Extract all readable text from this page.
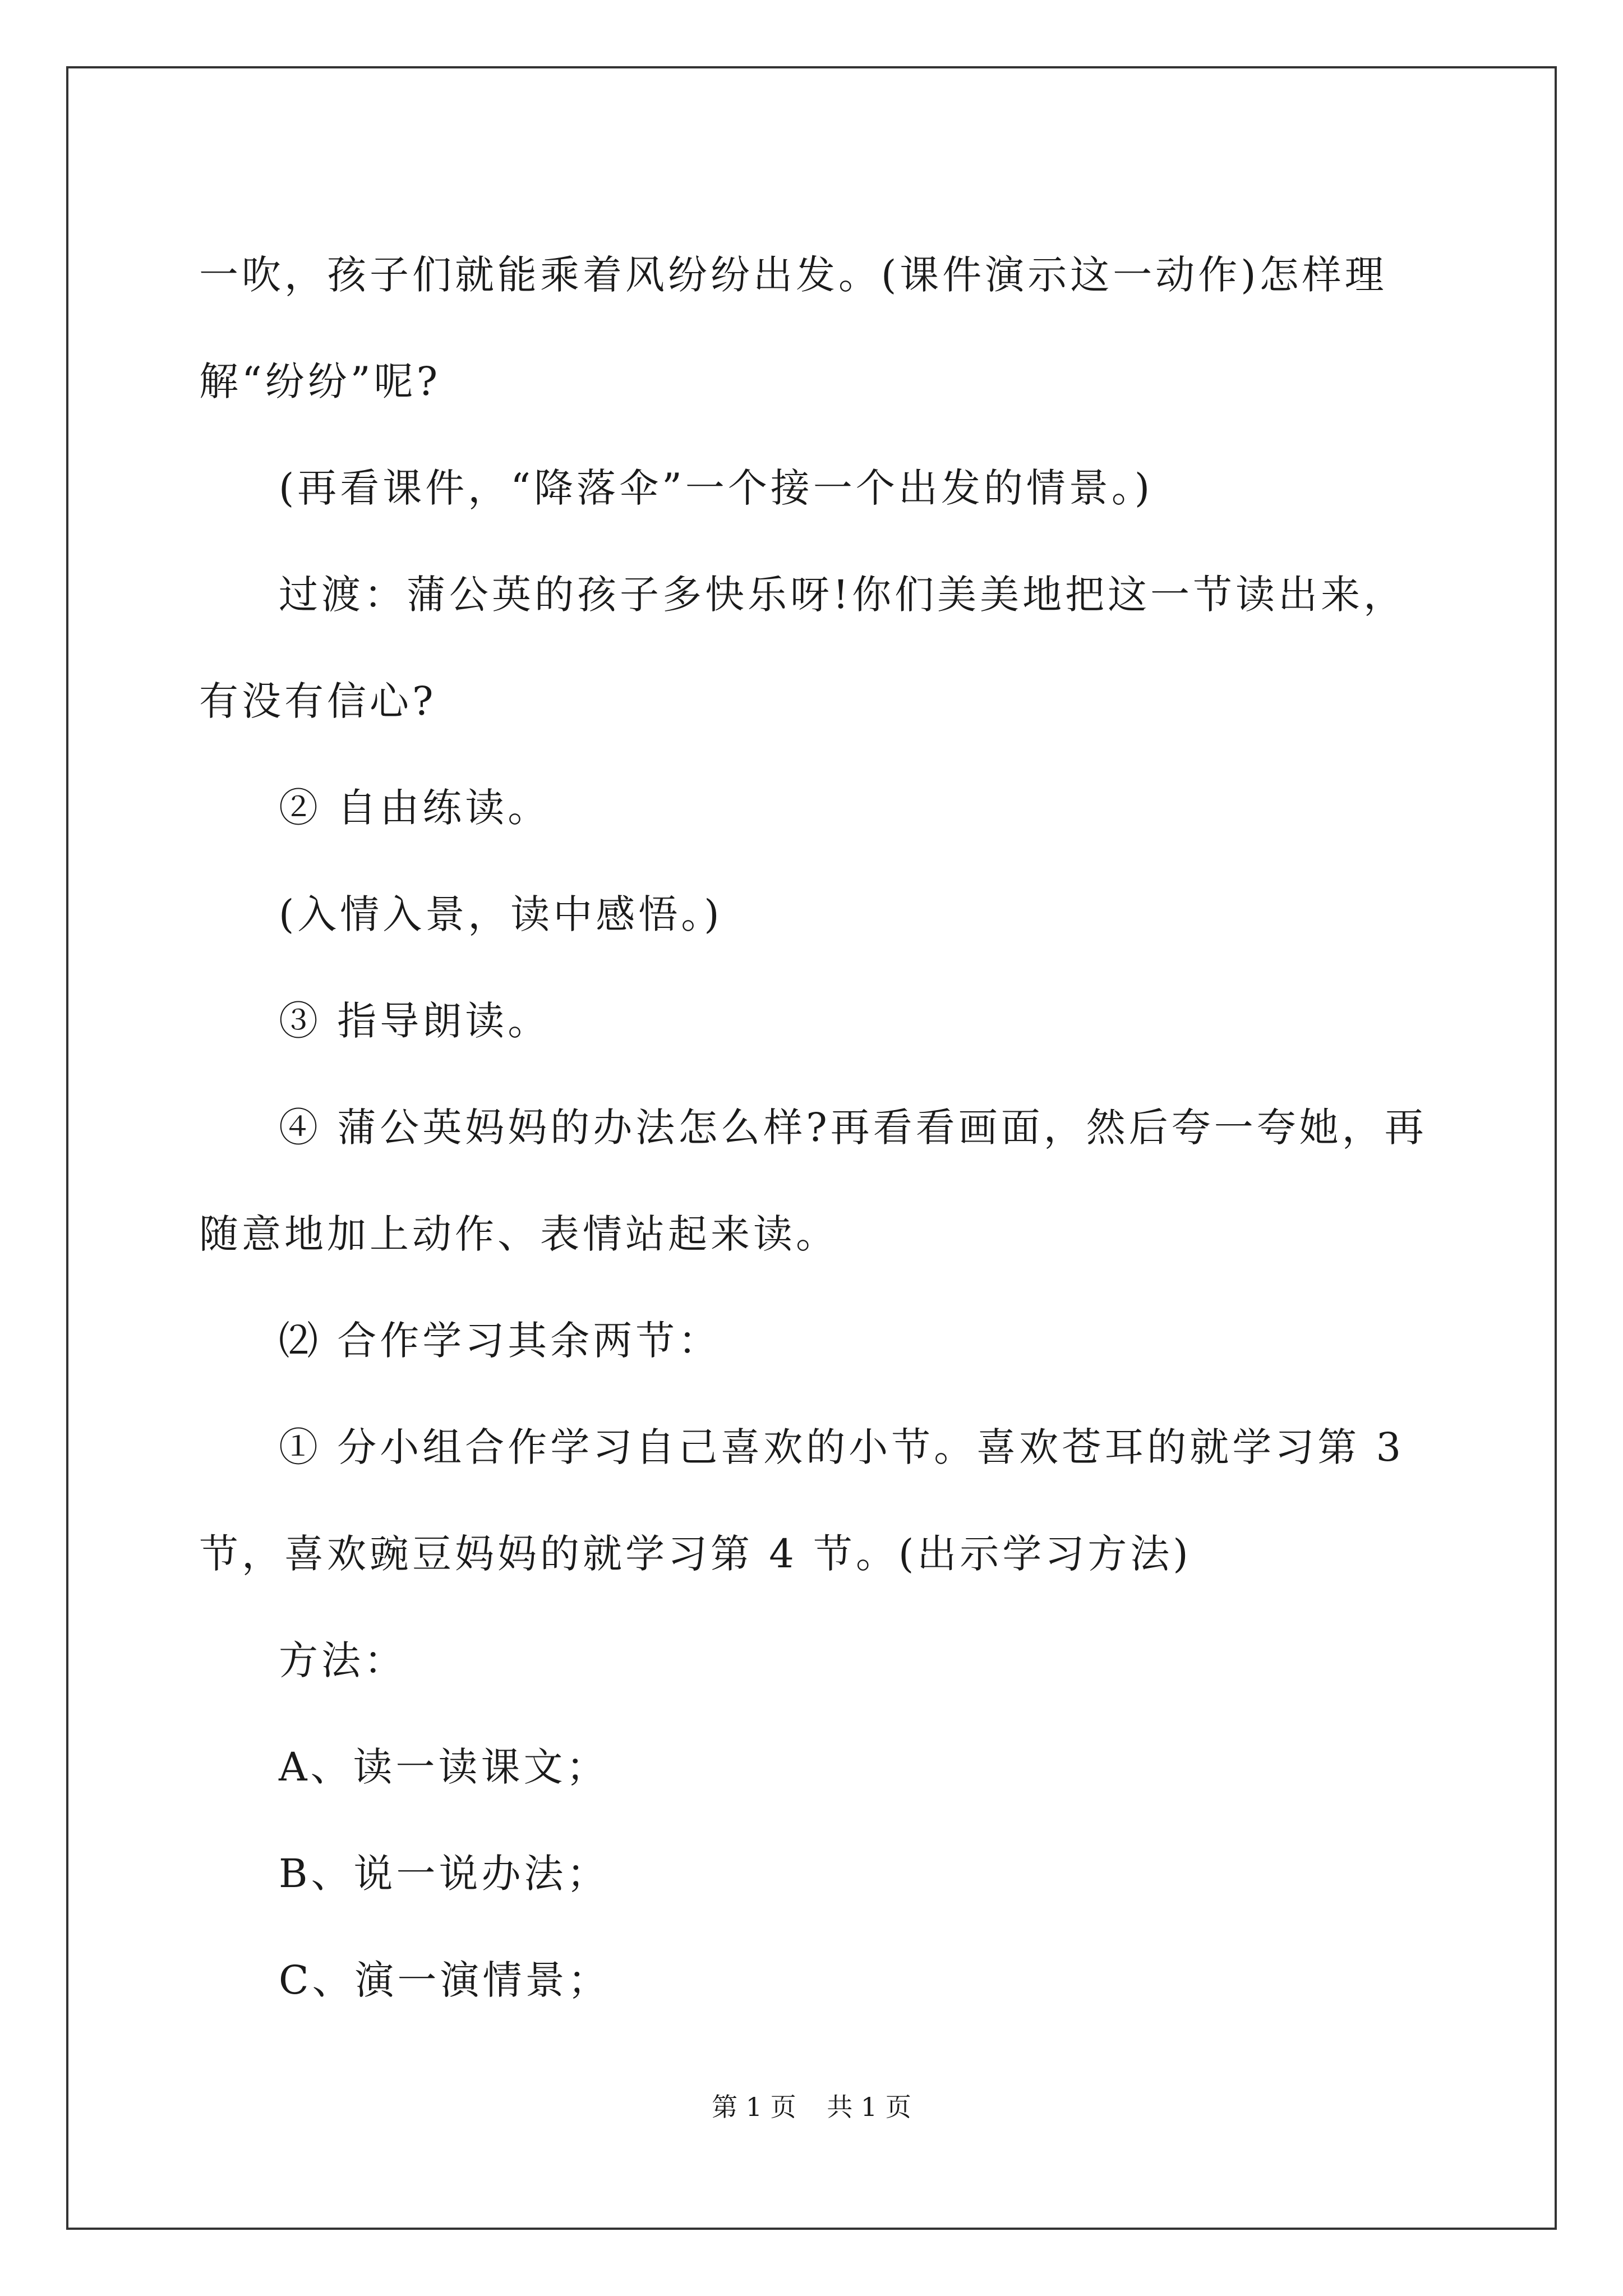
一吹，孩子们就能乘着风纷纷出发。(课件演示这一动作)怎样理解“纷纷”呢?

(再看课件，“降落伞”一个接一个出发的情景。)

过渡：蒲公英的孩子多快乐呀!你们美美地把这一节读出来，有没有信心?

② 自由练读。

(入情入景，读中感悟。)

③ 指导朗读。

④ 蒲公英妈妈的办法怎么样?再看看画面，然后夸一夸她，再随意地加上动作、表情站起来读。

⑵ 合作学习其余两节：

① 分小组合作学习自己喜欢的小节。喜欢苍耳的就学习第 3 节，喜欢豌豆妈妈的就学习第 4 节。(出示学习方法)

方法：

A、读一读课文；

B、说一说办法；

C、演一演情景；

第 1 页 共 1 页
